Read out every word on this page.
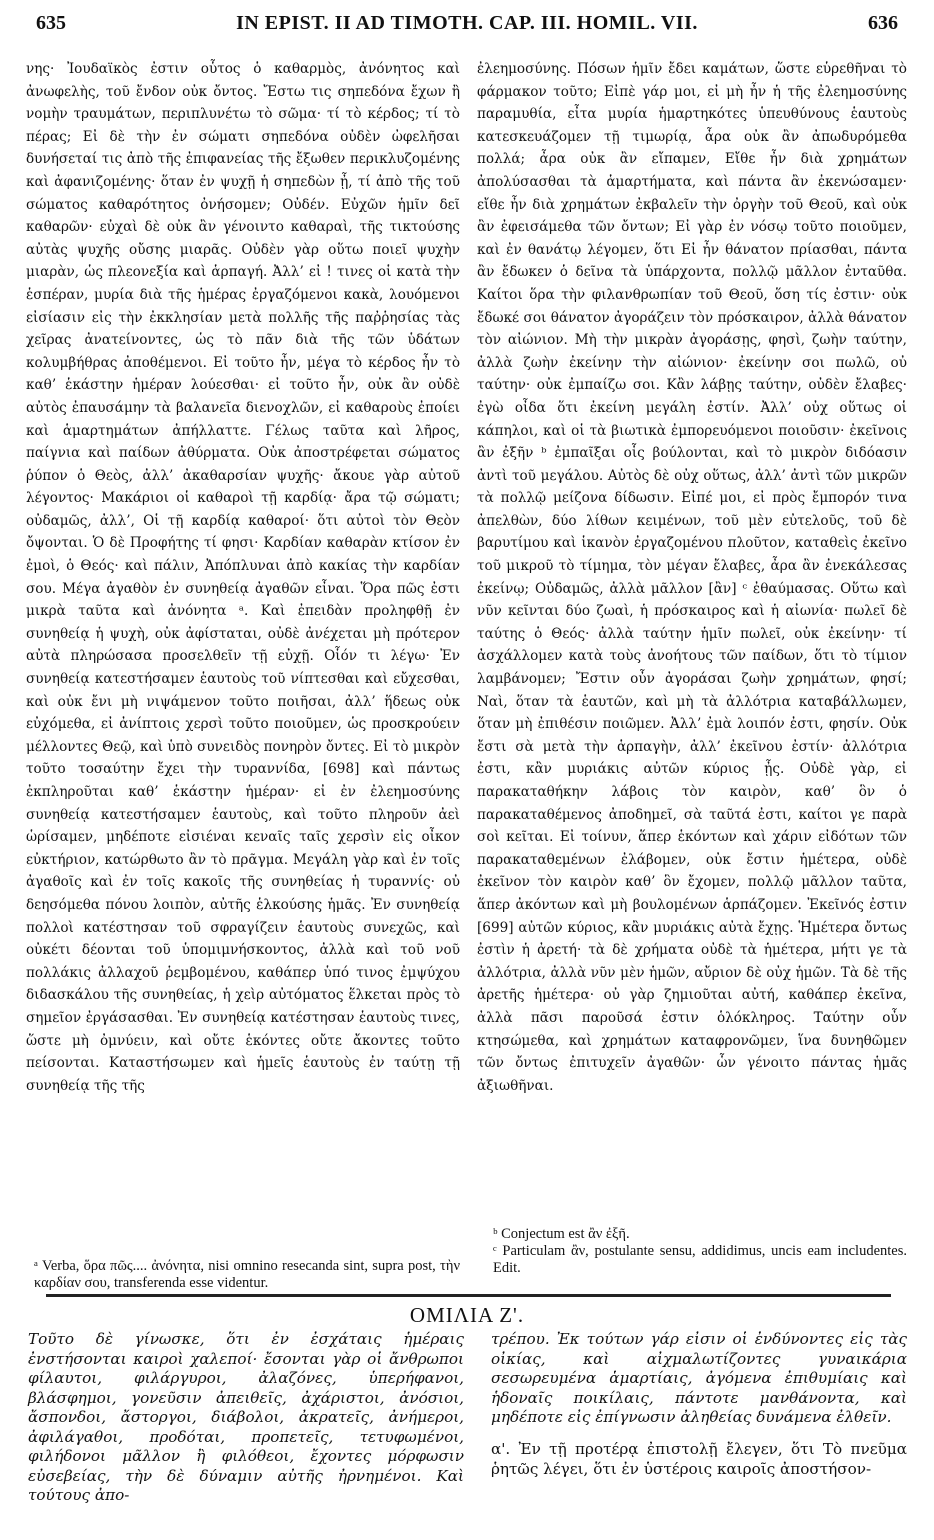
635	IN EPIST. II AD TIMOTH. CAP. III. HOMIL. VII.	636

νης· Ἰουδαϊκὸς ἐστιν οὗτος ὁ καθαρμὸς, ἀνόνητος καὶ ἀνωφελὴς, τοῦ ἔνδον οὐκ ὄντος. Ἔστω τις σηπεδόνα ἔχων ἢ νομὴν τραυμάτων, περιπλυνέτω τὸ σῶμα· τί τὸ κέρδος; τί τὸ πέρας; Εἰ δὲ τὴν ἐν σώματι σηπεδόνα οὐδὲν ὠφελῆσαι δυνήσεταί τις ἀπὸ τῆς ἐπιφανείας τῆς ἔξωθεν περικλυζομένης καὶ ἀφανιζομένης· ὅταν ἐν ψυχῇ ἡ σηπεδὼν ᾖ, τί ἀπὸ τῆς τοῦ σώματος καθαρότητος ὀνήσομεν; Οὐδέν. Εὐχῶν ἡμῖν δεῖ καθαρῶν· εὐχαὶ δὲ οὐκ ἂν γένοιντο καθαραὶ, τῆς τικτούσης αὐτὰς ψυχῆς οὔσης μιαρᾶς. Οὐδὲν γὰρ οὕτω ποιεῖ ψυχὴν μιαρὰν, ὡς πλεονεξία καὶ ἁρπαγή. Ἀλλ’ εἰ ! τινες οἱ κατὰ τὴν ἑσπέραν, μυρία διὰ τῆς ἡμέρας ἐργαζόμενοι κακὰ, λουόμενοι εἰσίασιν εἰς τὴν ἐκκλησίαν μετὰ πολλῆς τῆς παῤῥησίας τὰς χεῖρας ἀνατείνοντες, ὡς τὸ πᾶν διὰ τῆς τῶν ὑδάτων κολυμβήθρας ἀποθέμενοι. Εἰ τοῦτο ἦν, μέγα τὸ κέρδος ἦν τὸ καθ’ ἑκάστην ἡμέραν λούεσθαι· εἰ τοῦτο ἦν, οὐκ ἂν οὐδὲ αὐτὸς ἐπαυσάμην τὰ βαλανεῖα διενοχλῶν, εἰ καθαροὺς ἐποίει καὶ ἁμαρτημάτων ἀπήλλαττε. Γέλως ταῦτα καὶ λῆρος, παίγνια καὶ παίδων ἀθύρματα. Οὐκ ἀποστρέφεται σώματος ῥύπον ὁ Θεὸς, ἀλλ’ ἀκαθαρσίαν ψυχῆς· ἄκουε γὰρ αὐτοῦ λέγοντος· Μακάριοι οἱ καθαροὶ τῇ καρδίᾳ· ἄρα τῷ σώματι; οὐδαμῶς, ἀλλ’, Οἱ τῇ καρδίᾳ καθαροί· ὅτι αὐτοὶ τὸν Θεὸν ὄψονται. Ὁ δὲ Προφήτης τί φησι· Καρδίαν καθαρὰν κτίσον ἐν ἐμοὶ, ὁ Θεός· καὶ πάλιν, Ἀπόπλυναι ἀπὸ κακίας τὴν καρδίαν σου. Μέγα ἀγαθὸν ἐν συνηθείᾳ ἀγαθῶν εἶναι. Ὅρα πῶς ἐστι μικρὰ ταῦτα καὶ ἀνόνητα ᵃ. Καὶ ἐπειδὰν προληφθῇ ἐν συνηθείᾳ ἡ ψυχὴ, οὐκ ἀφίσταται, οὐδὲ ἀνέχεται μὴ πρότερον αὐτὰ πληρώσασα προσελθεῖν τῇ εὐχῇ. Οἷόν τι λέγω· Ἐν συνηθείᾳ κατεστήσαμεν ἑαυτοὺς τοῦ νίπτεσθαι καὶ εὔχεσθαι, καὶ οὐκ ἔνι μὴ νιψάμενον τοῦτο ποιῆσαι, ἀλλ’ ἥδεως οὐκ εὐχόμεθα, εἰ ἀνίπτοις χερσὶ τοῦτο ποιοῦμεν, ὡς προσκρούειν μέλλοντες Θεῷ, καὶ ὑπὸ συνειδὸς πονηρὸν ὄντες. Εἰ τὸ μικρὸν τοῦτο τοσαύτην ἔχει τὴν τυραννίδα, [698] καὶ πάντως ἐκπληροῦται καθ’ ἑκάστην ἡμέραν· εἰ ἐν ἐλεημοσύνης συνηθείᾳ κατεστήσαμεν ἑαυτοὺς, καὶ τοῦτο πληροῦν ἀεὶ ὡρίσαμεν, μηδέποτε εἰσιέναι κεναῖς ταῖς χερσὶν εἰς οἶκον εὐκτήριον, κατώρθωτο ἂν τὸ πρᾶγμα. Μεγάλη γὰρ καὶ ἐν τοῖς ἀγαθοῖς καὶ ἐν τοῖς κακοῖς τῆς συνηθείας ἡ τυραννίς· οὐ δεησόμεθα πόνου λοιπὸν, αὐτῆς ἑλκούσης ἡμᾶς. Ἐν συνηθείᾳ πολλοὶ κατέστησαν τοῦ σφραγίζειν ἑαυτοὺς συνεχῶς, καὶ οὐκέτι δέονται τοῦ ὑπομιμνήσκοντος, ἀλλὰ καὶ τοῦ νοῦ πολλάκις ἀλλαχοῦ ῥεμβομένου, καθάπερ ὑπό τινος ἐμψύχου διδασκάλου τῆς συνηθείας, ἡ χεὶρ αὐτόματος ἕλκεται πρὸς τὸ σημεῖον ἐργάσασθαι. Ἐν συνηθείᾳ κατέστησαν ἑαυτοὺς τινες, ὥστε μὴ ὀμνύειν, καὶ οὔτε ἑκόντες οὔτε ἄκοντες τοῦτο πείσονται. Καταστήσωμεν καὶ ἡμεῖς ἑαυτοὺς ἐν ταύτῃ τῇ συνηθείᾳ τῆς τῆς

ἐλεημοσύνης. Πόσων ἡμῖν ἔδει καμάτων, ὥστε εὑρεθῆναι τὸ φάρμακον τοῦτο; Εἰπὲ γάρ μοι, εἰ μὴ ἦν ἡ τῆς ἐλεημοσύνης παραμυθία, εἶτα μυρία ἡμαρτηκότες ὑπευθύνους ἑαυτοὺς κατεσκευάζομεν τῇ τιμωρίᾳ, ἆρα οὐκ ἂν ἀπωδυρόμεθα πολλά; ἆρα οὐκ ἂν εἴπαμεν, Εἴθε ἦν διὰ χρημάτων ἀπολύσασθαι τὰ ἁμαρτήματα, καὶ πάντα ἂν ἐκενώσαμεν· εἴθε ἦν διὰ χρημάτων ἐκβαλεῖν τὴν ὀργὴν τοῦ Θεοῦ, καὶ οὐκ ἂν ἐφεισάμεθα τῶν ὄντων; Εἰ γὰρ ἐν νόσῳ τοῦτο ποιοῦμεν, καὶ ἐν θανάτῳ λέγομεν, ὅτι Εἰ ἦν θάνατον πρίασθαι, πάντα ἂν ἔδωκεν ὁ δεῖνα τὰ ὑπάρχοντα, πολλῷ μᾶλλον ἐνταῦθα. Καίτοι ὅρα τὴν φιλανθρωπίαν τοῦ Θεοῦ, ὅση τίς ἐστιν· οὐκ ἔδωκέ σοι θάνατον ἀγοράζειν τὸν πρόσκαιρον, ἀλλὰ θάνατον τὸν αἰώνιον. Μὴ τὴν μικρὰν ἀγοράσῃς, φησὶ, ζωὴν ταύτην, ἀλλὰ ζωὴν ἐκείνην τὴν αἰώνιον· ἐκείνην σοι πωλῶ, οὐ ταύτην· οὐκ ἐμπαίζω σοι. Κἂν λάβῃς ταύτην, οὐδὲν ἔλαβες· ἐγὼ οἶδα ὅτι ἐκείνη μεγάλη ἐστίν. Ἀλλ’ οὐχ οὕτως οἱ κάπηλοι, καὶ οἱ τὰ βιωτικὰ ἐμπορευόμενοι ποιοῦσιν· ἐκεῖνοις ἂν ἐξῆν ᵇ ἐμπαῖξαι οἷς βούλονται, καὶ τὸ μικρὸν διδόασιν ἀντὶ τοῦ μεγάλου. Αὐτὸς δὲ οὐχ οὕτως, ἀλλ’ ἀντὶ τῶν μικρῶν τὰ πολλῷ μείζονα δίδωσιν. Εἰπέ μοι, εἰ πρὸς ἔμπορόν τινα ἀπελθὼν, δύο λίθων κειμένων, τοῦ μὲν εὐτελοῦς, τοῦ δὲ βαρυτίμου καὶ ἱκανὸν ἐργαζομένου πλοῦτον, καταθεὶς ἐκεῖνο τοῦ μικροῦ τὸ τίμημα, τὸν μέγαν ἔλαβες, ἆρα ἂν ἐνεκάλεσας ἐκείνῳ; Οὐδαμῶς, ἀλλὰ μᾶλλον [ἂν] ᶜ ἐθαύμασας. Οὕτω καὶ νῦν κεῖνται δύο ζωαὶ, ἡ πρόσκαιρος καὶ ἡ αἰωνία· πωλεῖ δὲ ταύτης ὁ Θεός· ἀλλὰ ταύτην ἡμῖν πωλεῖ, οὐκ ἐκείνην· τί ἀσχάλλομεν κατὰ τοὺς ἀνοήτους τῶν παίδων, ὅτι τὸ τίμιον λαμβάνομεν; Ἔστιν οὖν ἀγοράσαι ζωὴν χρημάτων, φησί; Ναὶ, ὅταν τὰ ἑαυτῶν, καὶ μὴ τὰ ἀλλότρια καταβάλλωμεν, ὅταν μὴ ἐπιθέσιν ποιῶμεν. Ἀλλ’ ἐμὰ λοιπόν ἐστι, φησίν. Οὐκ ἔστι σὰ μετὰ τὴν ἁρπαγὴν, ἀλλ’ ἐκεῖνου ἐστίν· ἀλλότρια ἐστι, κἂν μυριάκις αὐτῶν κύριος ᾖς. Οὐδὲ γὰρ, εἰ παρακαταθήκην λάβοις τὸν καιρὸν, καθ’ ὃν ὁ παρακαταθέμενος ἀποδημεῖ, σὰ ταῦτά ἐστι, καίτοι γε παρὰ σοὶ κεῖται. Εἰ τοίνυν, ἅπερ ἑκόντων καὶ χάριν εἰδότων τῶν παρακαταθεμένων ἐλάβομεν, οὐκ ἔστιν ἡμέτερα, οὐδὲ ἐκεῖνον τὸν καιρὸν καθ’ ὃν ἔχομεν, πολλῷ μᾶλλον ταῦτα, ἅπερ ἀκόντων καὶ μὴ βουλομένων ἁρπάζομεν. Ἐκεῖνός ἐστιν [699] αὐτῶν κύριος, κἂν μυριάκις αὐτὰ ἔχῃς. Ἡμέτερα ὄντως ἐστὶν ἡ ἀρετή· τὰ δὲ χρήματα οὐδὲ τὰ ἡμέτερα, μήτι γε τὰ ἀλλότρια, ἀλλὰ νῦν μὲν ἡμῶν, αὔριον δὲ οὐχ ἡμῶν. Τὰ δὲ τῆς ἀρετῆς ἡμέτερα· οὐ γὰρ ζημιοῦται αὐτή, καθάπερ ἐκεῖνα, ἀλλὰ πᾶσι παροῦσά ἐστιν ὁλόκληρος. Ταύτην οὖν κτησώμεθα, καὶ χρημάτων καταφρονῶμεν, ἵνα δυνηθῶμεν τῶν ὄντως ἐπιτυχεῖν ἀγαθῶν· ὧν γένοιτο πάντας ἡμᾶς ἀξιωθῆναι.

ᵃ Verba, ὅρα πῶς.... ἀνόνητα, nisi omnino resecanda sint, supra post, τὴν καρδίαν σου, transferenda esse videntur.
ᵇ Conjectum est ἂν ἐξῆ.
ᶜ Particulam ἂν, postulante sensu, addidimus, uncis eam includentes. Edit.
ΟΜΙΛΙΑ Ζ'.
Τοῦτο δὲ γίνωσκε, ὅτι ἐν ἐσχάταις ἡμέραις ἐνστήσονται καιροὶ χαλεποί· ἔσονται γὰρ οἱ ἄνθρωποι φίλαυτοι, φιλάργυροι, ἀλαζόνες, ὑπερήφανοι, βλάσφημοι, γονεῦσιν ἀπειθεῖς, ἀχάριστοι, ἀνόσιοι, ἄσπονδοι, ἄστοργοι, διάβολοι, ἀκρατεῖς, ἀνήμεροι, ἀφιλάγαθοι, προδόται, προπετεῖς, τετυφωμένοι, φιλήδονοι μᾶλλον ἢ φιλόθεοι, ἔχοντες μόρφωσιν εὐσεβείας, τὴν δὲ δύναμιν αὐτῆς ἠρνημένοι. Καὶ τούτους ἀπο-
τρέπου. Ἐκ τούτων γάρ εἰσιν οἱ ἐνδύνοντες εἰς τὰς οἰκίας, καὶ αἰχμαλωτίζοντες γυναικάρια σεσωρευμένα ἁμαρτίαις, ἀγόμενα ἐπιθυμίαις καὶ ἡδοναῖς ποικίλαις, πάντοτε μανθάνοντα, καὶ μηδέποτε εἰς ἐπίγνωσιν ἀληθείας δυνάμενα ἐλθεῖν.
α'. Ἐν τῇ προτέρᾳ ἐπιστολῇ ἔλεγεν, ὅτι Τὸ πνεῦμα ῥητῶς λέγει, ὅτι ἐν ὑστέροις καιροῖς ἀποστήσον-
